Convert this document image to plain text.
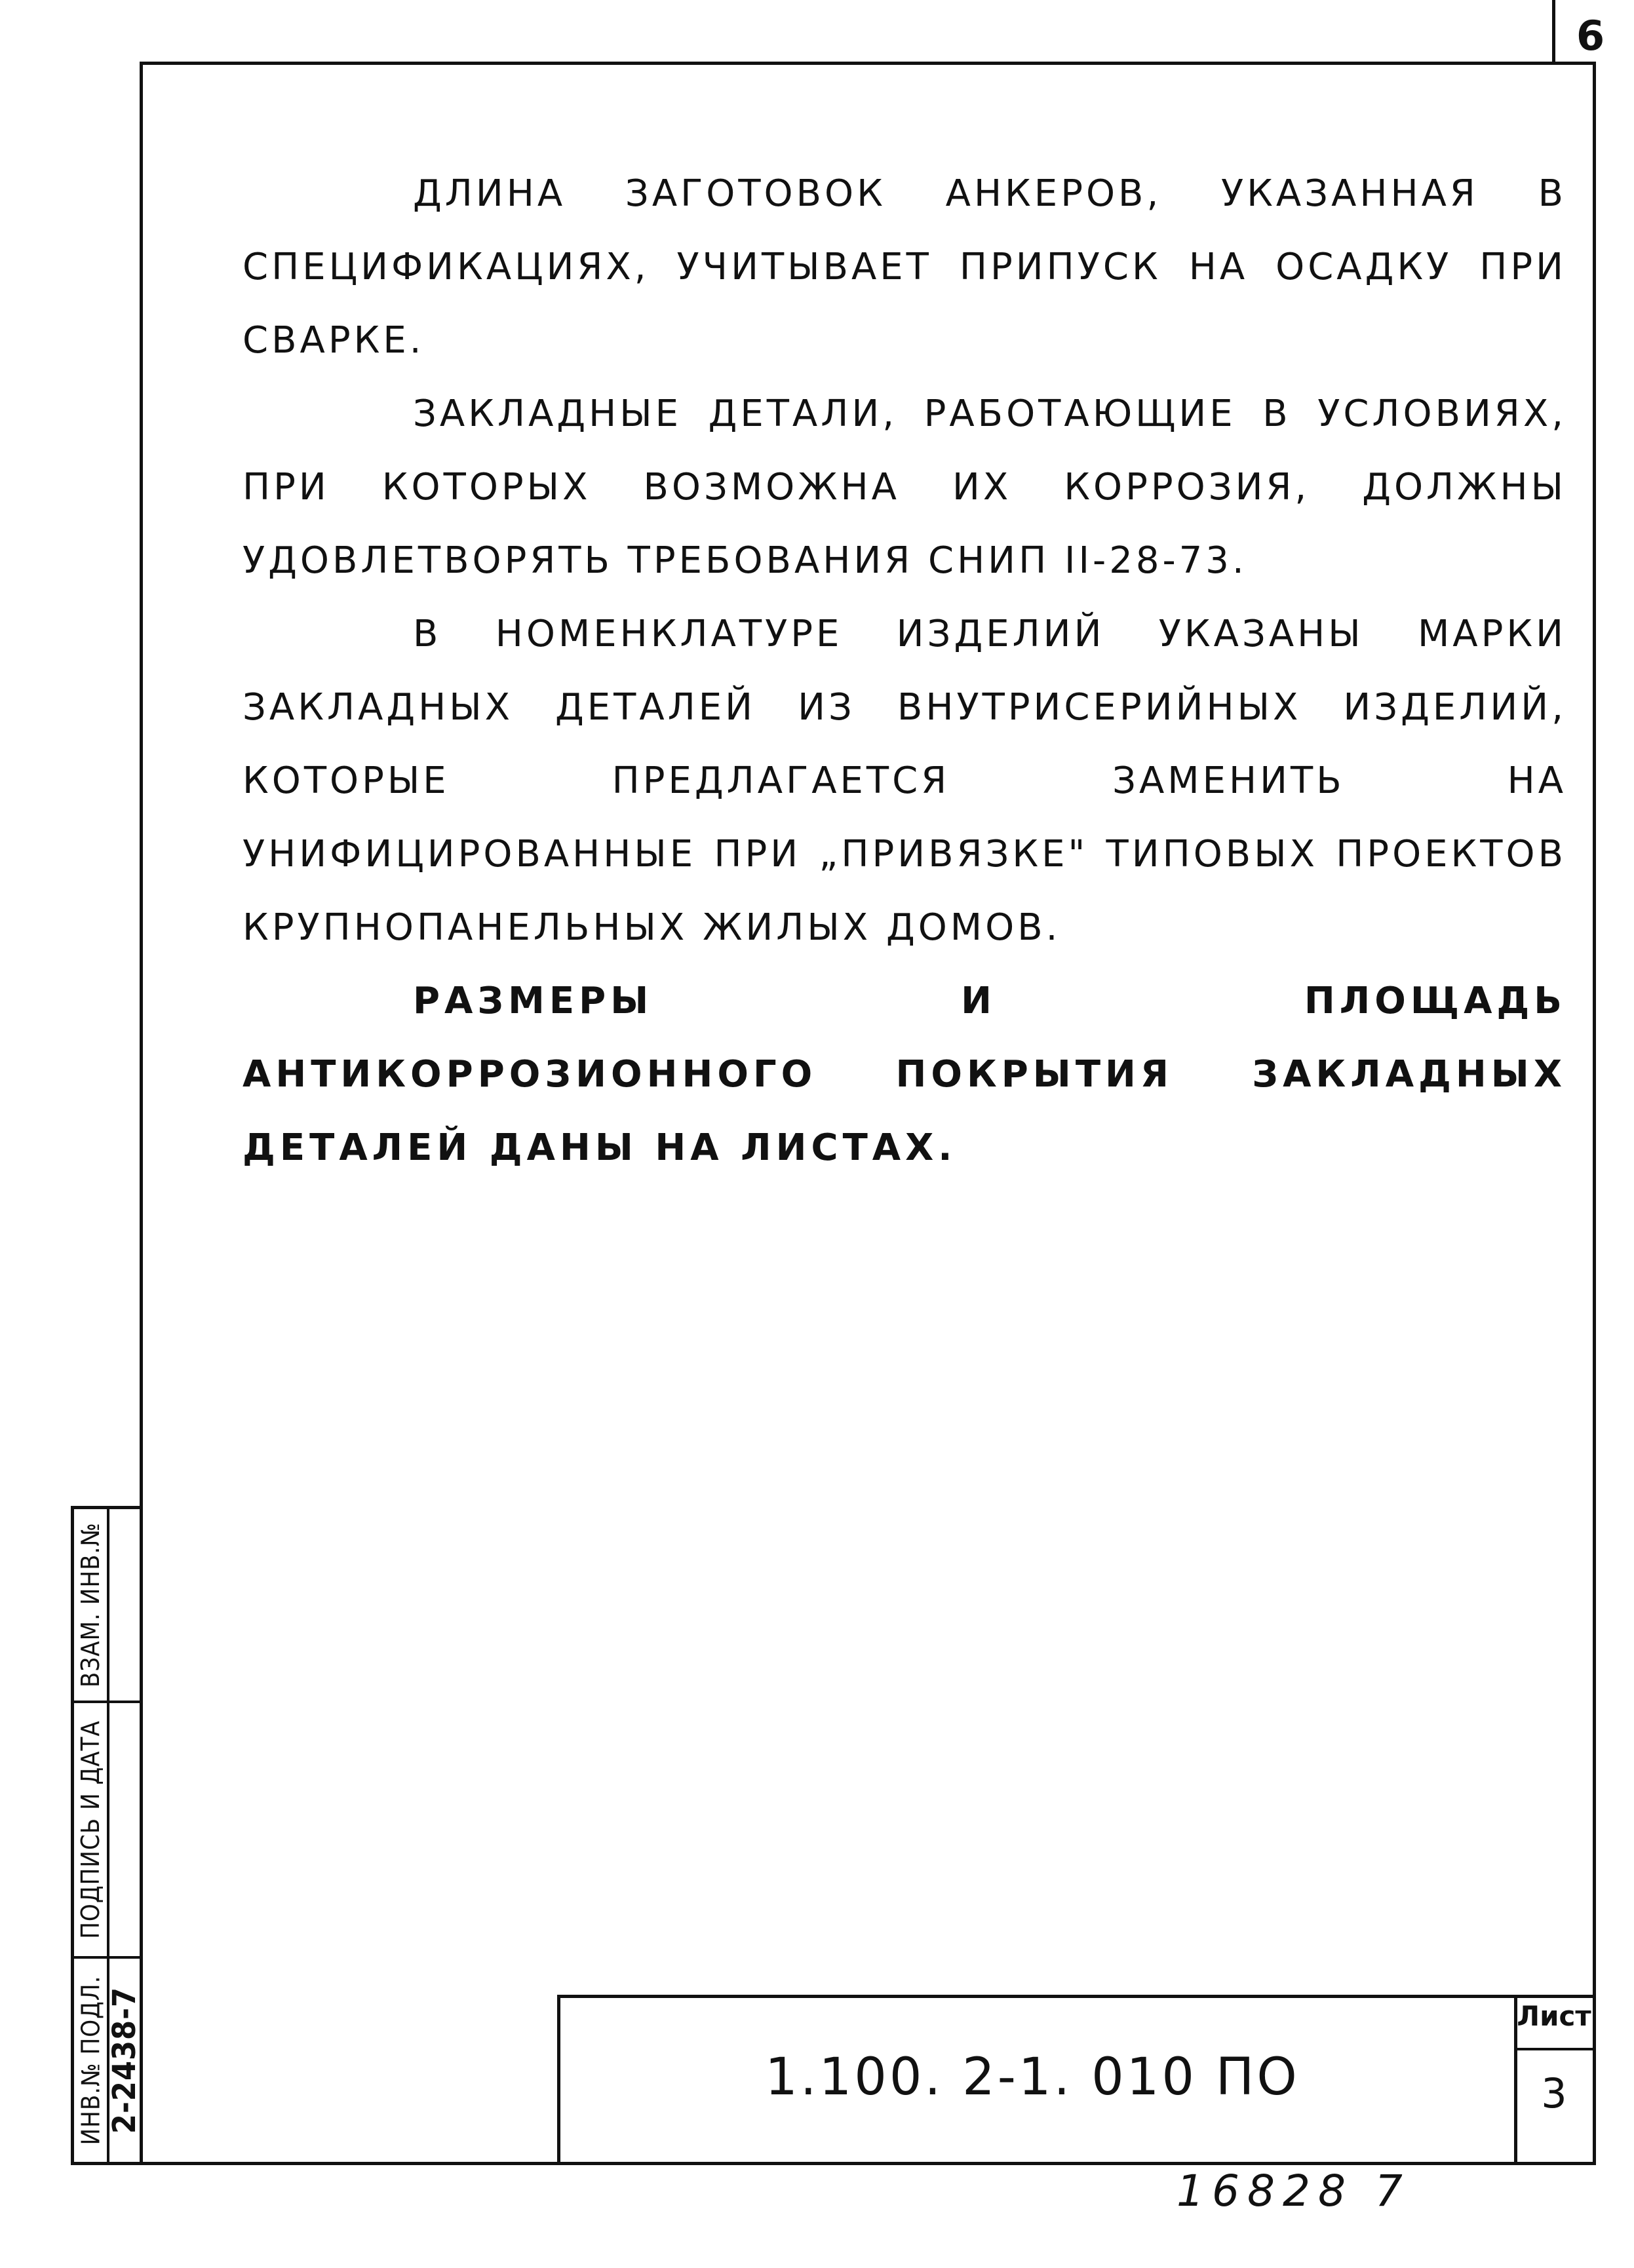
6

ДЛИНА ЗАГОТОВОК АНКЕРОВ, УКАЗАННАЯ В СПЕЦИФИКАЦИЯХ, УЧИТЫВАЕТ ПРИПУСК НА ОСАДКУ ПРИ СВАРКЕ.

ЗАКЛАДНЫЕ ДЕТАЛИ, РАБОТАЮЩИЕ В УСЛОВИЯХ, ПРИ КОТОРЫХ ВОЗМОЖНА ИХ КОРРОЗИЯ, ДОЛЖНЫ УДОВЛЕТВОРЯТЬ ТРЕБОВАНИЯ СНИП II-28-73.

В НОМЕНКЛАТУРЕ ИЗДЕЛИЙ УКАЗАНЫ МАРКИ ЗАКЛАДНЫХ ДЕТАЛЕЙ ИЗ ВНУТРИСЕРИЙНЫХ ИЗДЕЛИЙ, КОТОРЫЕ ПРЕДЛАГАЕТСЯ ЗАМЕНИТЬ НА УНИФИЦИРОВАННЫЕ ПРИ „ПРИВЯЗКЕ" ТИПОВЫХ ПРОЕКТОВ КРУПНОПАНЕЛЬНЫХ ЖИЛЫХ ДОМОВ.

РАЗМЕРЫ И ПЛОЩАДЬ АНТИКОРРОЗИОННОГО ПОКРЫТИЯ ЗАКЛАДНЫХ ДЕТАЛЕЙ ДАНЫ НА ЛИСТАХ.

ВЗАМ. ИНВ.№
ПОДПИСЬ И ДАТА
ИНВ.№ ПОДЛ. 2-2438-7	1.100. 2-1. 010 ПО
Лист
3
16828 7
